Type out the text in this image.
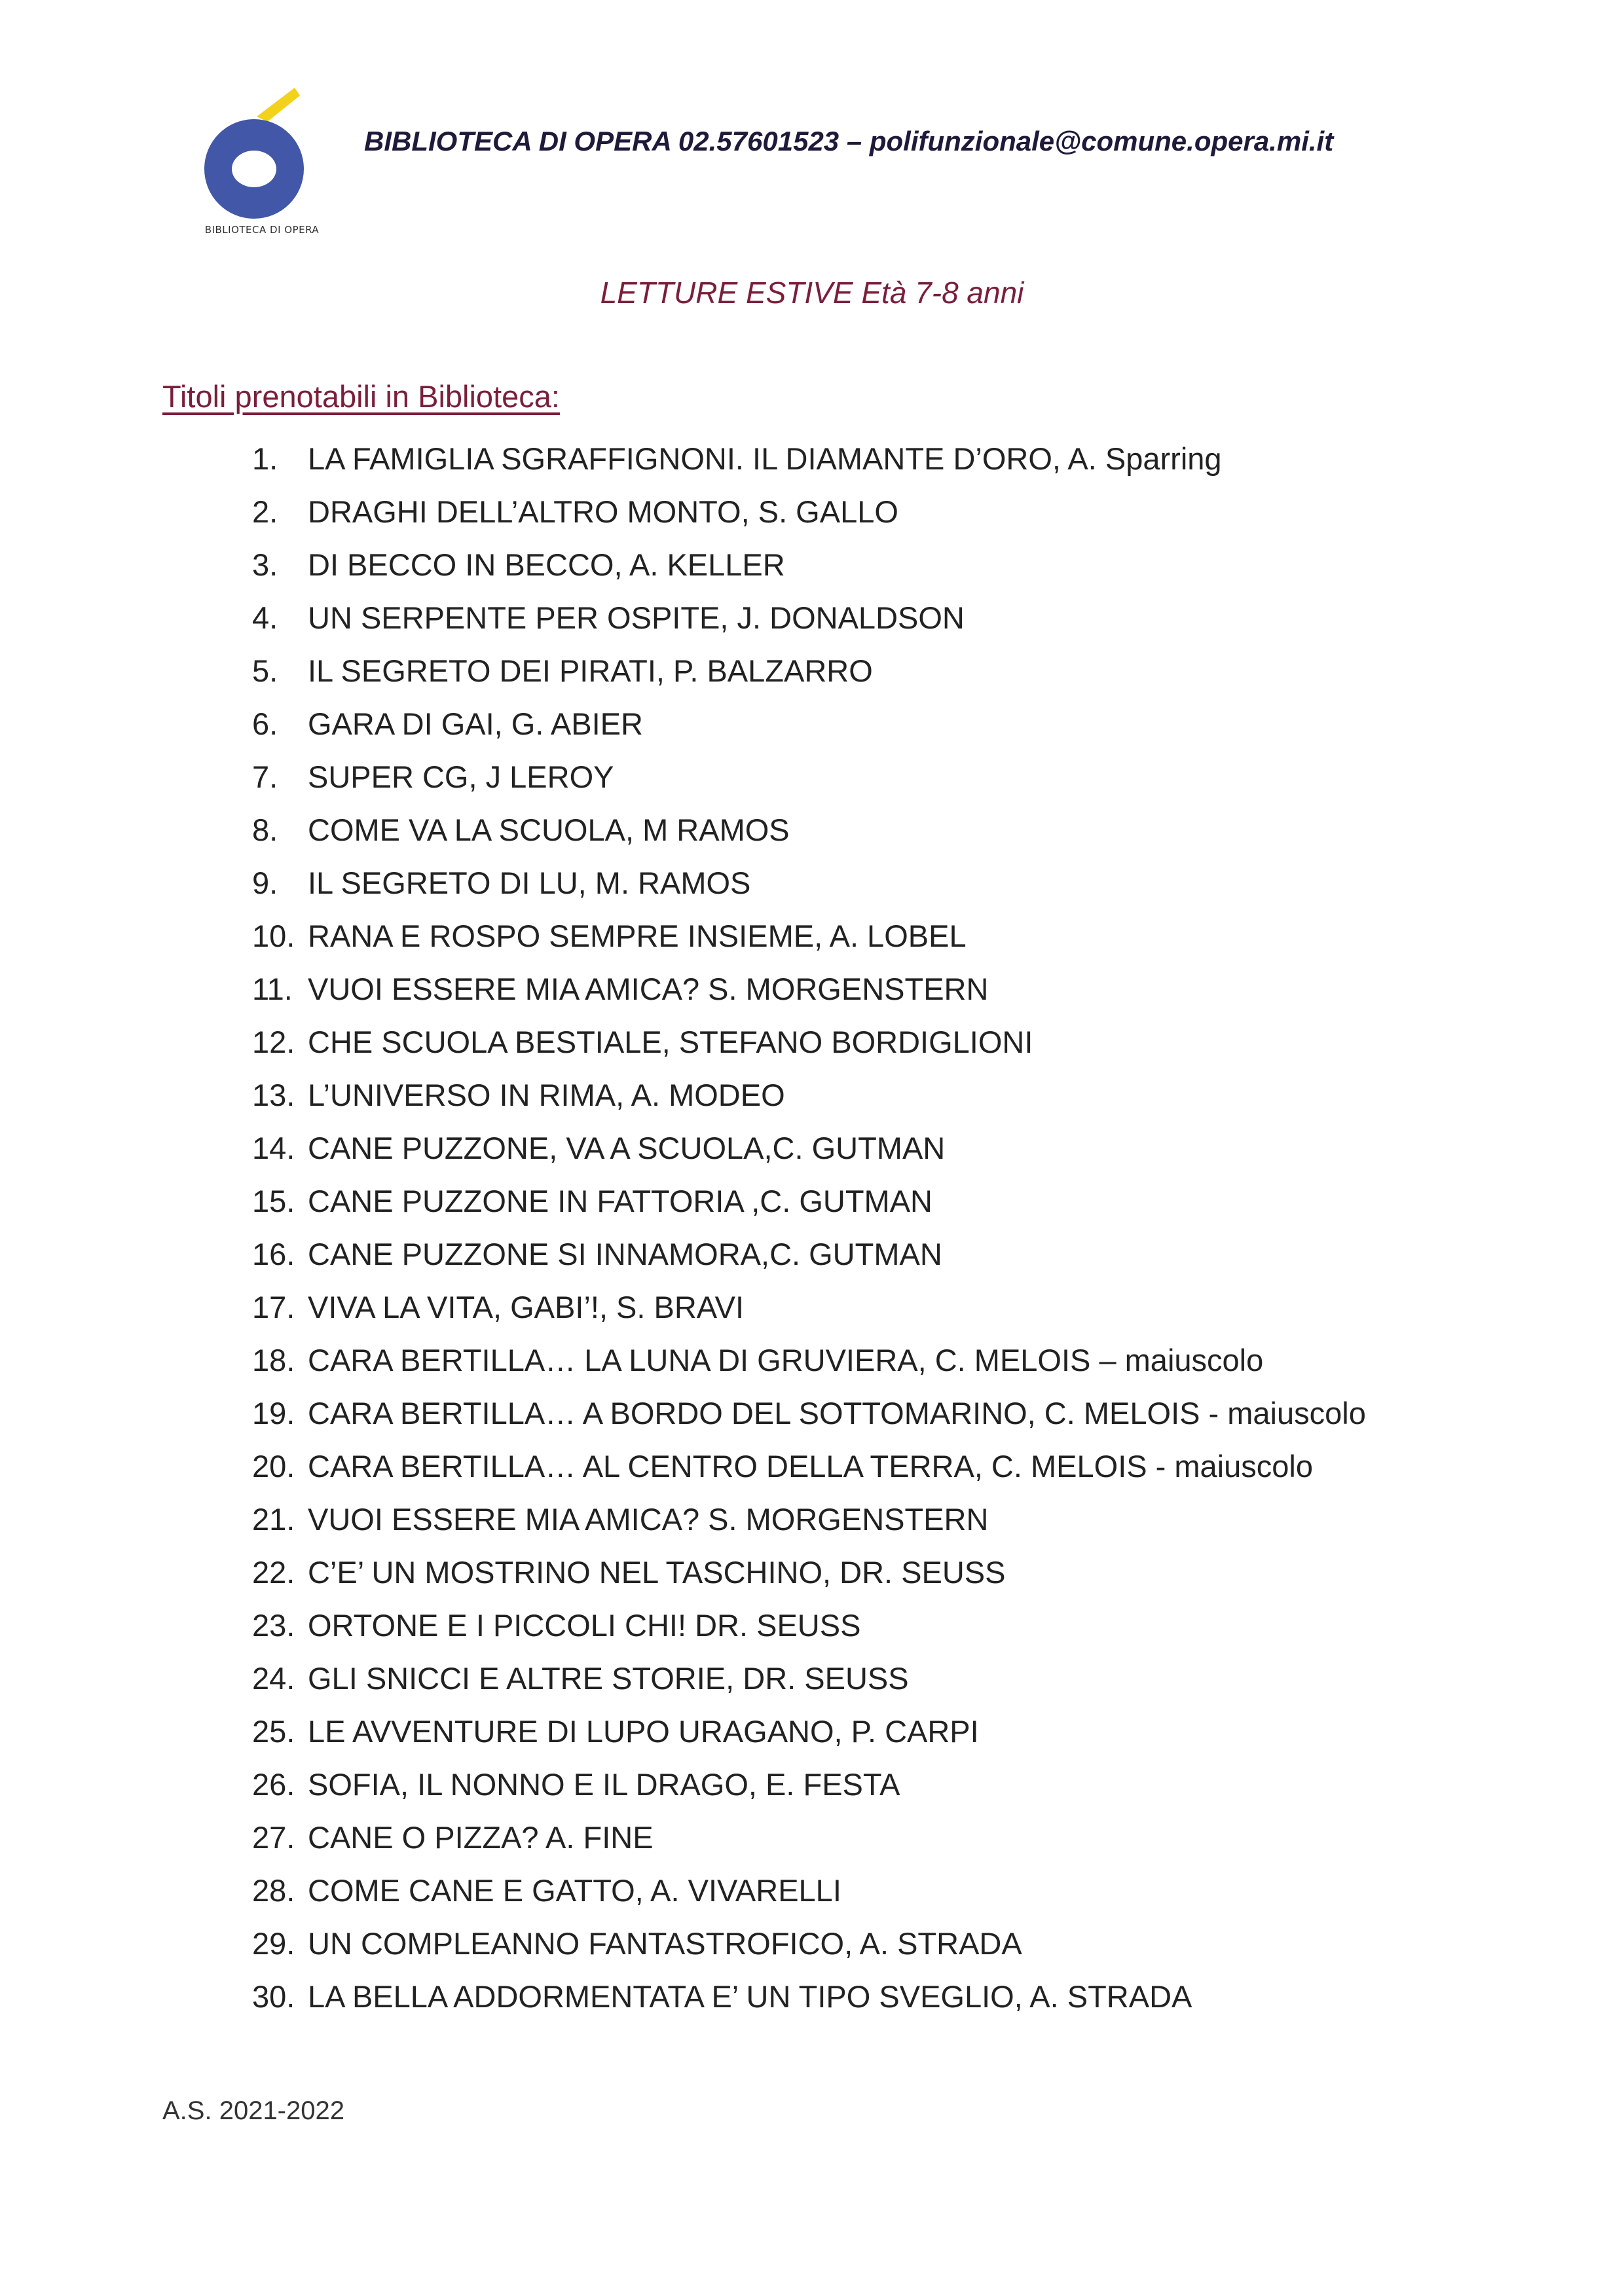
BIBLIOTECA DI OPERA
BIBLIOTECA DI OPERA 02.57601523 – polifunzionale@comune.opera.mi.it
LETTURE ESTIVE Età 7-8 anni
Titoli prenotabili in Biblioteca:
1. LA FAMIGLIA SGRAFFIGNONI. IL DIAMANTE D’ORO, A. Sparring
2. DRAGHI DELL’ALTRO MONTO, S. GALLO
3. DI BECCO IN BECCO, A. KELLER
4. UN SERPENTE PER OSPITE, J. DONALDSON
5. IL SEGRETO DEI PIRATI, P. BALZARRO
6. GARA DI GAI, G. ABIER
7. SUPER CG, J LEROY
8. COME VA LA SCUOLA, M RAMOS
9. IL SEGRETO DI LU, M. RAMOS
10. RANA E ROSPO SEMPRE INSIEME, A. LOBEL
11. VUOI ESSERE MIA AMICA? S. MORGENSTERN
12. CHE SCUOLA BESTIALE, STEFANO BORDIGLIONI
13. L’UNIVERSO IN RIMA, A. MODEO
14. CANE PUZZONE, VA A SCUOLA,C. GUTMAN
15. CANE PUZZONE IN FATTORIA ,C. GUTMAN
16. CANE PUZZONE SI INNAMORA,C. GUTMAN
17. VIVA LA VITA, GABI’!, S. BRAVI
18. CARA BERTILLA… LA LUNA DI GRUVIERA, C. MELOIS – maiuscolo
19. CARA BERTILLA… A BORDO DEL SOTTOMARINO, C. MELOIS - maiuscolo
20. CARA BERTILLA… AL CENTRO DELLA TERRA, C. MELOIS - maiuscolo
21. VUOI ESSERE MIA AMICA? S. MORGENSTERN
22. C’E’ UN MOSTRINO NEL TASCHINO, DR. SEUSS
23. ORTONE E I PICCOLI CHI! DR. SEUSS
24. GLI SNICCI E ALTRE STORIE, DR. SEUSS
25. LE AVVENTURE DI LUPO URAGANO, P. CARPI
26. SOFIA, IL NONNO E IL DRAGO, E. FESTA
27. CANE O PIZZA? A. FINE
28. COME CANE E GATTO, A. VIVARELLI
29. UN COMPLEANNO FANTASTROFICO, A. STRADA
30. LA BELLA ADDORMENTATA E’ UN TIPO SVEGLIO, A. STRADA
A.S. 2021-2022
